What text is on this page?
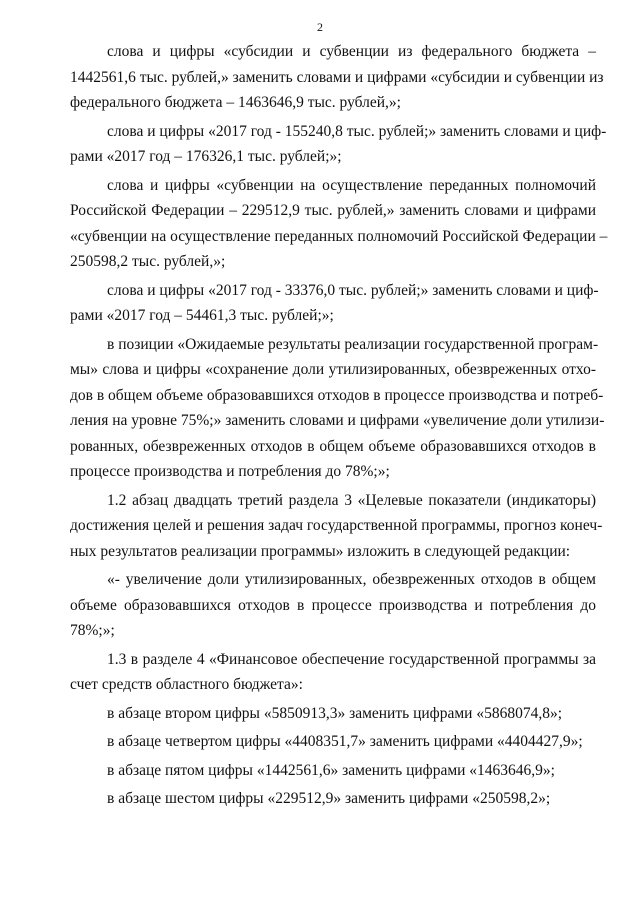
2
слова и цифры «субсидии и субвенции из федерального бюджета –
1442561,6 тыс. рублей,» заменить словами и цифрами «субсидии и субвенции из
федерального бюджета – 1463646,9 тыс. рублей,»;
слова и цифры «2017 год - 155240,8 тыс. рублей;» заменить словами и циф-
рами «2017 год – 176326,1 тыс. рублей;»;
слова и цифры «субвенции на осуществление переданных полномочий
Российской Федерации – 229512,9 тыс. рублей,» заменить словами и цифрами
«субвенции на осуществление переданных полномочий Российской Федерации –
250598,2 тыс. рублей,»;
слова и цифры «2017 год - 33376,0 тыс. рублей;» заменить словами и циф-
рами «2017 год – 54461,3 тыс. рублей;»;
в позиции «Ожидаемые результаты реализации государственной програм-
мы» слова и цифры «сохранение доли утилизированных, обезвреженных отхо-
дов в общем объеме образовавшихся отходов в процессе производства и потреб-
ления на уровне 75%;» заменить словами и цифрами «увеличение доли утилизи-
рованных, обезвреженных отходов в общем объеме образовавшихся отходов в
процессе производства и потребления до 78%;»;
1.2 абзац двадцать третий раздела 3 «Целевые показатели (индикаторы)
достижения целей и решения задач государственной программы, прогноз конеч-
ных результатов реализации программы» изложить в следующей редакции:
«- увеличение доли утилизированных, обезвреженных отходов в общем
объеме образовавшихся отходов в процессе производства и потребления до
78%;»;
1.3 в разделе 4 «Финансовое обеспечение государственной программы за
счет средств областного бюджета»:
в абзаце втором цифры «5850913,3» заменить цифрами «5868074,8»;
в абзаце четвертом цифры «4408351,7» заменить цифрами «4404427,9»;
в абзаце пятом цифры «1442561,6» заменить цифрами «1463646,9»;
в абзаце шестом цифры «229512,9» заменить цифрами «250598,2»;
